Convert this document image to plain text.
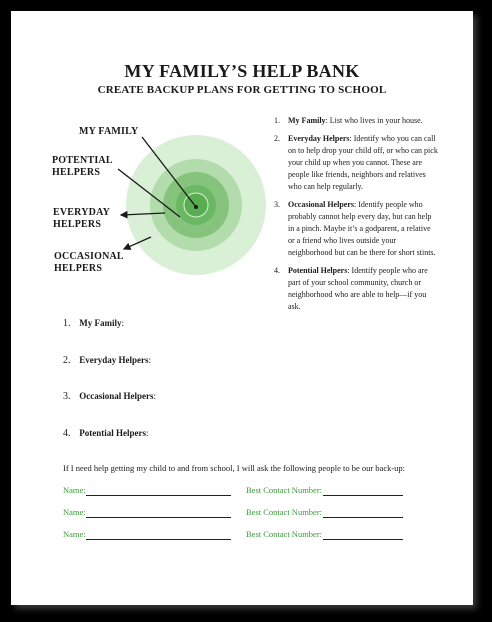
MY FAMILY’S HELP BANK
CREATE BACKUP PLANS FOR GETTING TO SCHOOL
MY FAMILY
POTENTIAL
HELPERS
EVERYDAY
HELPERS
OCCASIONAL
HELPERS
1. My Family: List who lives in your house.
2. Everyday Helpers: Identify who you can call on to help drop your child off, or who can pick your child up when you cannot. These are people like friends, neighbors and relatives who can help regularly.
3. Occasional Helpers: Identify people who probably cannot help every day, but can help in a pinch. Maybe it’s a godparent, a relative or a friend who lives outside your neighborhood but can be there for short stints.
4. Potential Helpers: Identify people who are part of your school community, church or neighborhood who are able to help—if you ask.
1. My Family:
2. Everyday Helpers:
3. Occasional Helpers:
4. Potential Helpers:
If I need help getting my child to and from school, I will ask the following people to be our back-up:
Name:	Best Contact Number:
Name:	Best Contact Number:
Name:	Best Contact Number:
